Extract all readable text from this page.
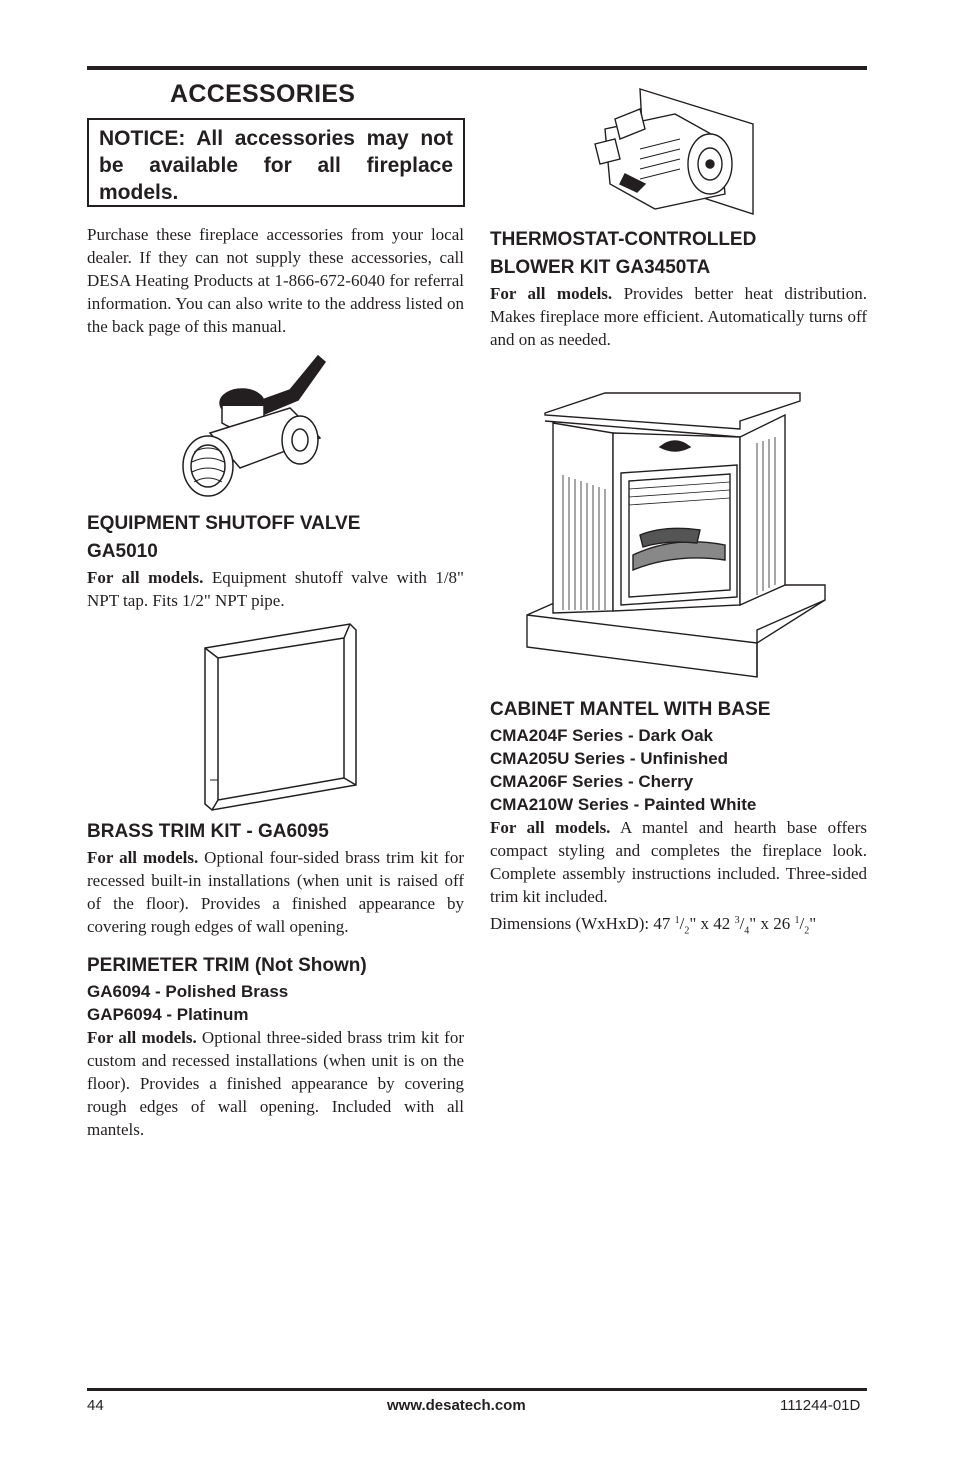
ACCESSORIES
NOTICE: All accessories may not be available for all fireplace models.

Purchase these fireplace accessories from your local dealer. If they can not supply these accessories, call DESA Heating Products at 1-866-672-6040 for referral information. You can also write to the address listed on the back page of this manual.

EQUIPMENT SHUTOFF VALVE

GA5010

For all models. Equipment shutoff valve with 1/8" NPT tap. Fits 1/2" NPT pipe.

BRASS TRIM KIT - GA6095

For all models. Optional four-sided brass trim kit for recessed built-in installations (when unit is raised off of the floor). Provides a finished appearance by covering rough edges of wall opening.

PERIMETER TRIM (Not Shown)

GA6094 - Polished Brass

GAP6094 - Platinum

For all models. Optional three-sided brass trim kit for custom and recessed installations (when unit is on the floor). Provides a finished appearance by covering rough edges of wall opening. Included with all mantels.

THERMOSTAT-CONTROLLED

BLOWER KIT GA3450TA

For all models. Provides better heat distribution. Makes fireplace more efficient. Automatically turns off and on as needed.

CABINET MANTEL WITH BASE

CMA204F Series - Dark Oak

CMA205U Series - Unfinished

CMA206F Series - Cherry

CMA210W Series - Painted White

For all models. A mantel and hearth base offers compact styling and completes the fireplace look. Complete assembly instructions included. Three-sided trim kit included.

Dimensions (WxHxD): 47 $^1/_2$" x 42 $^3/_4$" x 26 $^1/_2$"

44	www.desatech.com	111244-01D
